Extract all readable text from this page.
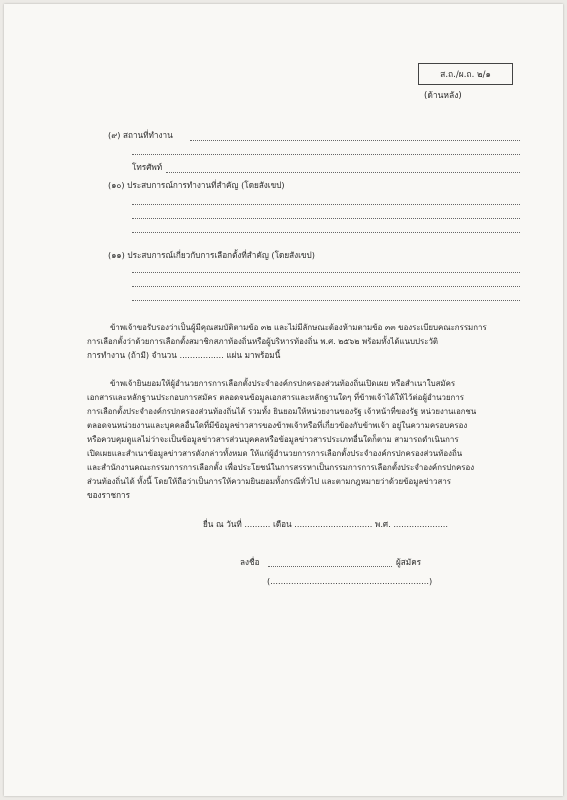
ส.ถ./ผ.ถ. ๒/๑
(ด้านหลัง)
(๙) สถานที่ทำงาน
โทรศัพท์
(๑๐) ประสบการณ์การทำงานที่สำคัญ (โดยสังเขป)
(๑๑) ประสบการณ์เกี่ยวกับการเลือกตั้งที่สำคัญ (โดยสังเขป)
ข้าพเจ้าขอรับรองว่าเป็นผู้มีคุณสมบัติตามข้อ ๓๒ และไม่มีลักษณะต้องห้ามตามข้อ ๓๓ ของระเบียบคณะกรรมการ
การเลือกตั้งว่าด้วยการเลือกตั้งสมาชิกสภาท้องถิ่นหรือผู้บริหารท้องถิ่น พ.ศ. ๒๕๖๒ พร้อมทั้งได้แนบประวัติ
การทำงาน (ถ้ามี) จำนวน ................. แผ่น มาพร้อมนี้
ข้าพเจ้ายินยอมให้ผู้อำนวยการการเลือกตั้งประจำองค์กรปกครองส่วนท้องถิ่นเปิดเผย หรือสำเนาใบสมัคร
เอกสารและหลักฐานประกอบการสมัคร ตลอดจนข้อมูลเอกสารและหลักฐานใดๆ ที่ข้าพเจ้าได้ให้ไว้ต่อผู้อำนวยการ
การเลือกตั้งประจำองค์กรปกครองส่วนท้องถิ่นได้ รวมทั้ง ยินยอมให้หน่วยงานของรัฐ เจ้าหน้าที่ของรัฐ หน่วยงานเอกชน
ตลอดจนหน่วยงานและบุคคลอื่นใดที่มีข้อมูลข่าวสารของข้าพเจ้าหรือที่เกี่ยวข้องกับข้าพเจ้า อยู่ในความครอบครอง
หรือควบคุมดูแลไม่ว่าจะเป็นข้อมูลข่าวสารส่วนบุคคลหรือข้อมูลข่าวสารประเภทอื่นใดก็ตาม สามารถดำเนินการ
เปิดเผยและสำเนาข้อมูลข่าวสารดังกล่าวทั้งหมด ให้แก่ผู้อำนวยการการเลือกตั้งประจำองค์กรปกครองส่วนท้องถิ่น
และสำนักงานคณะกรรมการการเลือกตั้ง เพื่อประโยชน์ในการสรรหาเป็นกรรมการการเลือกตั้งประจำองค์กรปกครอง
ส่วนท้องถิ่นได้ ทั้งนี้ โดยให้ถือว่าเป็นการให้ความยินยอมทั้งกรณีทั่วไป และตามกฎหมายว่าด้วยข้อมูลข่าวสาร
ของราชการ
ยื่น ณ วันที่ .......... เดือน .............................. พ.ศ. .....................
ลงชื่อ	ผู้สมัคร
(.............................................................)
